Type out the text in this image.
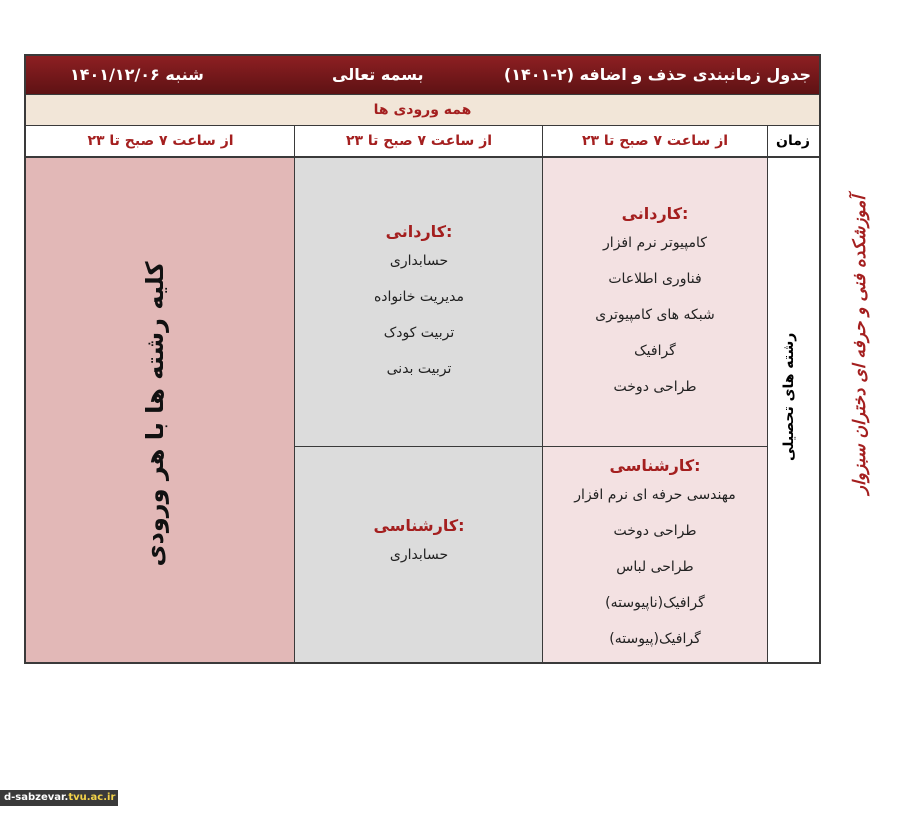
جدول زمانبندی حذف و اضافه (۲-۱۴۰۱)
بسمه تعالی
شنبه ۱۴۰۱/۱۲/۰۶
همه ورودی ها
زمان
از ساعت ۷ صبح تا ۲۳
از ساعت ۷ صبح تا ۲۳
از ساعت ۷ صبح تا ۲۳
رشته های تحصیلی
کاردانی:
کامپیوتر نرم افزار
فناوری اطلاعات
شبکه های کامپیوتری
گرافیک
طراحی دوخت
کارشناسی:
مهندسی حرفه ای نرم افزار
طراحی دوخت
طراحی لباس
گرافیک(ناپیوسته)
گرافیک(پیوسته)
کاردانی:
حسابداری
مدیریت خانواده
تربیت کودک
تربیت بدنی
کارشناسی:
حسابداری
کلیه رشته ها با هر ورودی	آموزشکده فنی و حرفه ای دختران سبزوار
d-sabzevar.tvu.ac.ir
